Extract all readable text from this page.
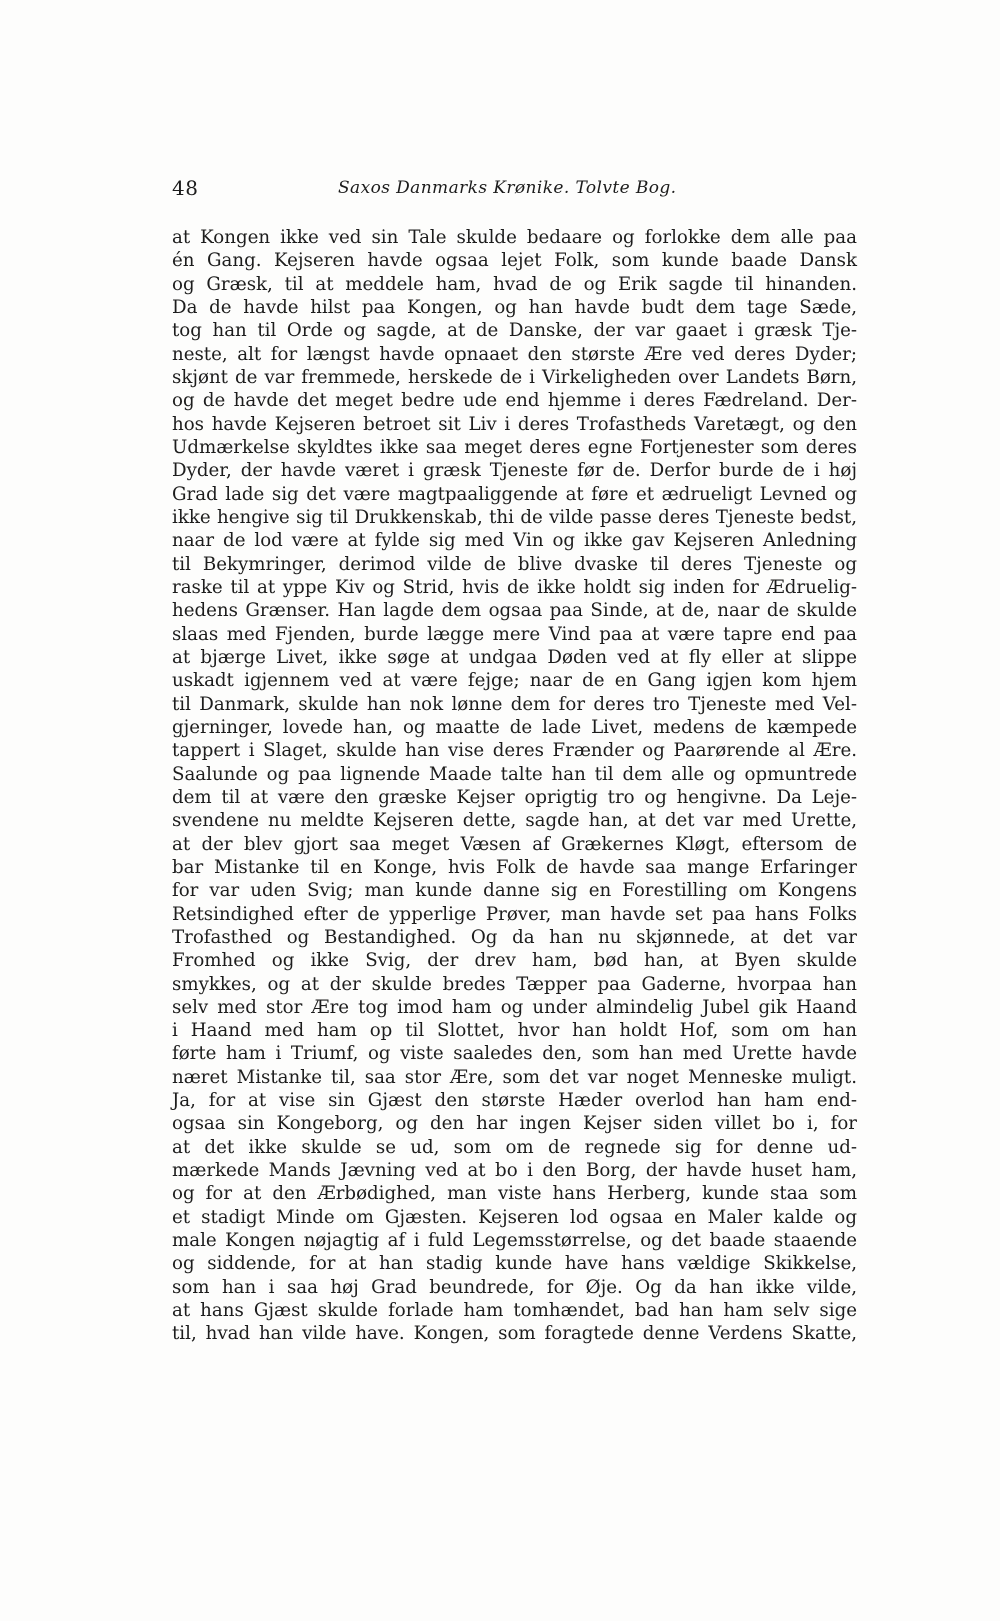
48	Saxos Danmarks Krønike. Tolvte Bog.
at Kongen ikke ved sin Tale skulde bedaare og forlokke dem alle paa
én Gang. Kejseren havde ogsaa lejet Folk, som kunde baade Dansk
og Græsk, til at meddele ham, hvad de og Erik sagde til hinanden.
Da de havde hilst paa Kongen, og han havde budt dem tage Sæde,
tog han til Orde og sagde, at de Danske, der var gaaet i græsk Tje-
neste, alt for længst havde opnaaet den største Ære ved deres Dyder;
skjønt de var fremmede, herskede de i Virkeligheden over Landets Børn,
og de havde det meget bedre ude end hjemme i deres Fædreland. Der-
hos havde Kejseren betroet sit Liv i deres Trofastheds Varetægt, og den
Udmærkelse skyldtes ikke saa meget deres egne Fortjenester som deres
Dyder, der havde været i græsk Tjeneste før de. Derfor burde de i høj
Grad lade sig det være magtpaaliggende at føre et ædrueligt Levned og
ikke hengive sig til Drukkenskab, thi de vilde passe deres Tjeneste bedst,
naar de lod være at fylde sig med Vin og ikke gav Kejseren Anledning
til Bekymringer, derimod vilde de blive dvaske til deres Tjeneste og
raske til at yppe Kiv og Strid, hvis de ikke holdt sig inden for Ædruelig-
hedens Grænser. Han lagde dem ogsaa paa Sinde, at de, naar de skulde
slaas med Fjenden, burde lægge mere Vind paa at være tapre end paa
at bjærge Livet, ikke søge at undgaa Døden ved at fly eller at slippe
uskadt igjennem ved at være fejge; naar de en Gang igjen kom hjem
til Danmark, skulde han nok lønne dem for deres tro Tjeneste med Vel-
gjerninger, lovede han, og maatte de lade Livet, medens de kæmpede
tappert i Slaget, skulde han vise deres Frænder og Paarørende al Ære.
Saalunde og paa lignende Maade talte han til dem alle og opmuntrede
dem til at være den græske Kejser oprigtig tro og hengivne. Da Leje-
svendene nu meldte Kejseren dette, sagde han, at det var med Urette,
at der blev gjort saa meget Væsen af Grækernes Kløgt, eftersom de
bar Mistanke til en Konge, hvis Folk de havde saa mange Erfaringer
for var uden Svig; man kunde danne sig en Forestilling om Kongens
Retsindighed efter de ypperlige Prøver, man havde set paa hans Folks
Trofasthed og Bestandighed. Og da han nu skjønnede, at det var
Fromhed og ikke Svig, der drev ham, bød han, at Byen skulde
smykkes, og at der skulde bredes Tæpper paa Gaderne, hvorpaa han
selv med stor Ære tog imod ham og under almindelig Jubel gik Haand
i Haand med ham op til Slottet, hvor han holdt Hof, som om han
førte ham i Triumf, og viste saaledes den, som han med Urette havde
næret Mistanke til, saa stor Ære, som det var noget Menneske muligt.
Ja, for at vise sin Gjæst den største Hæder overlod han ham end-
ogsaa sin Kongeborg, og den har ingen Kejser siden villet bo i, for
at det ikke skulde se ud, som om de regnede sig for denne ud-
mærkede Mands Jævning ved at bo i den Borg, der havde huset ham,
og for at den Ærbødighed, man viste hans Herberg, kunde staa som
et stadigt Minde om Gjæsten. Kejseren lod ogsaa en Maler kalde og
male Kongen nøjagtig af i fuld Legemsstørrelse, og det baade staaende
og siddende, for at han stadig kunde have hans vældige Skikkelse,
som han i saa høj Grad beundrede, for Øje. Og da han ikke vilde,
at hans Gjæst skulde forlade ham tomhændet, bad han ham selv sige
til, hvad han vilde have. Kongen, som foragtede denne Verdens Skatte,
